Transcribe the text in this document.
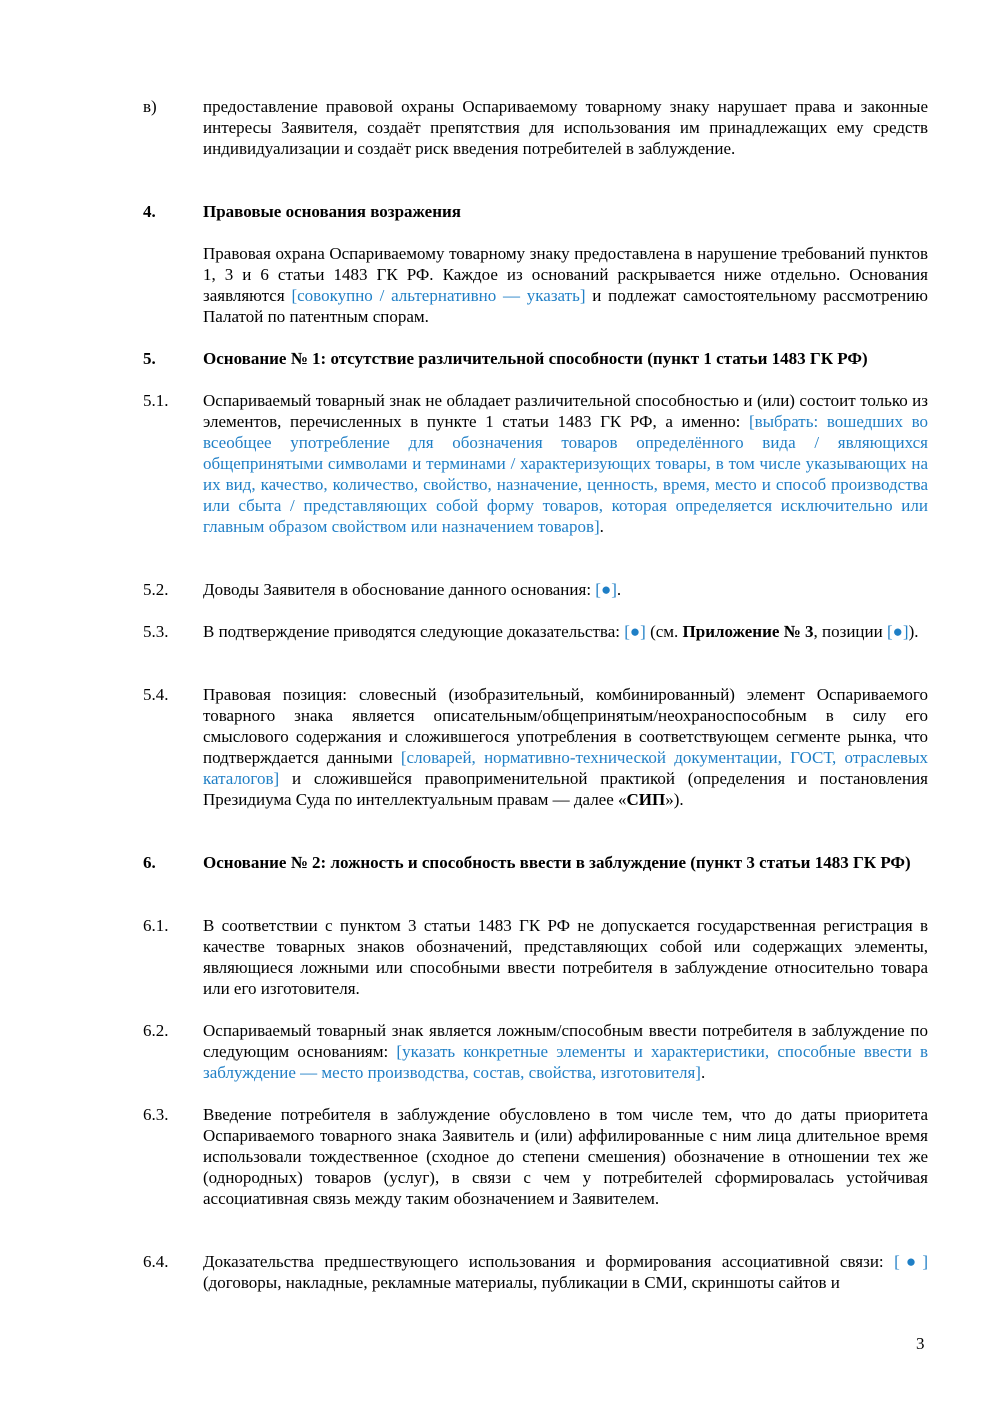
в)	предоставление правовой охраны Оспариваемому товарному знаку нарушает права и законные интересы Заявителя, создаёт препятствия для использования им принадлежащих ему средств индивидуализации и создаёт риск введения потребителей в заблуждение.
4.	Правовые основания возражения
Правовая охрана Оспариваемому товарному знаку предоставлена в нарушение требований пунктов 1, 3 и 6 статьи 1483 ГК РФ. Каждое из оснований раскрывается ниже отдельно. Основания заявляются [совокупно / альтернативно — указать] и подлежат самостоятельному рассмотрению Палатой по патентным спорам.
5.	Основание № 1: отсутствие различительной способности (пункт 1 статьи 1483 ГК РФ)
5.1.	Оспариваемый товарный знак не обладает различительной способностью и (или) состоит только из элементов, перечисленных в пункте 1 статьи 1483 ГК РФ, а именно: [выбрать: вошедших во всеобщее употребление для обозначения товаров определённого вида / являющихся общепринятыми символами и терминами / характеризующих товары, в том числе указывающих на их вид, качество, количество, свойство, назначение, ценность, время, место и способ производства или сбыта / представляющих собой форму товаров, которая определяется исключительно или главным образом свойством или назначением товаров].
5.2.	Доводы Заявителя в обоснование данного основания: [●].
5.3.	В подтверждение приводятся следующие доказательства: [●] (см. Приложение № 3, позиции [●]).
5.4.	Правовая позиция: словесный (изобразительный, комбинированный) элемент Оспариваемого товарного знака является описательным/общепринятым/неохраноспособным в силу его смыслового содержания и сложившегося употребления в соответствующем сегменте рынка, что подтверждается данными [словарей, нормативно-технической документации, ГОСТ, отраслевых каталогов] и сложившейся правоприменительной практикой (определения и постановления Президиума Суда по интеллектуальным правам — далее «СИП»).
6.	Основание № 2: ложность и способность ввести в заблуждение (пункт 3 статьи 1483 ГК РФ)
6.1.	В соответствии с пунктом 3 статьи 1483 ГК РФ не допускается государственная регистрация в качестве товарных знаков обозначений, представляющих собой или содержащих элементы, являющиеся ложными или способными ввести потребителя в заблуждение относительно товара или его изготовителя.
6.2.	Оспариваемый товарный знак является ложным/способным ввести потребителя в заблуждение по следующим основаниям: [указать конкретные элементы и характеристики, способные ввести в заблуждение — место производства, состав, свойства, изготовителя].
6.3.	Введение потребителя в заблуждение обусловлено в том числе тем, что до даты приоритета Оспариваемого товарного знака Заявитель и (или) аффилированные с ним лица длительное время использовали тождественное (сходное до степени смешения) обозначение в отношении тех же (однородных) товаров (услуг), в связи с чем у потребителей сформировалась устойчивая ассоциативная связь между таким обозначением и Заявителем.
6.4.	Доказательства предшествующего использования и формирования ассоциативной связи: [●] (договоры, накладные, рекламные материалы, публикации в СМИ, скриншоты сайтов и
3
